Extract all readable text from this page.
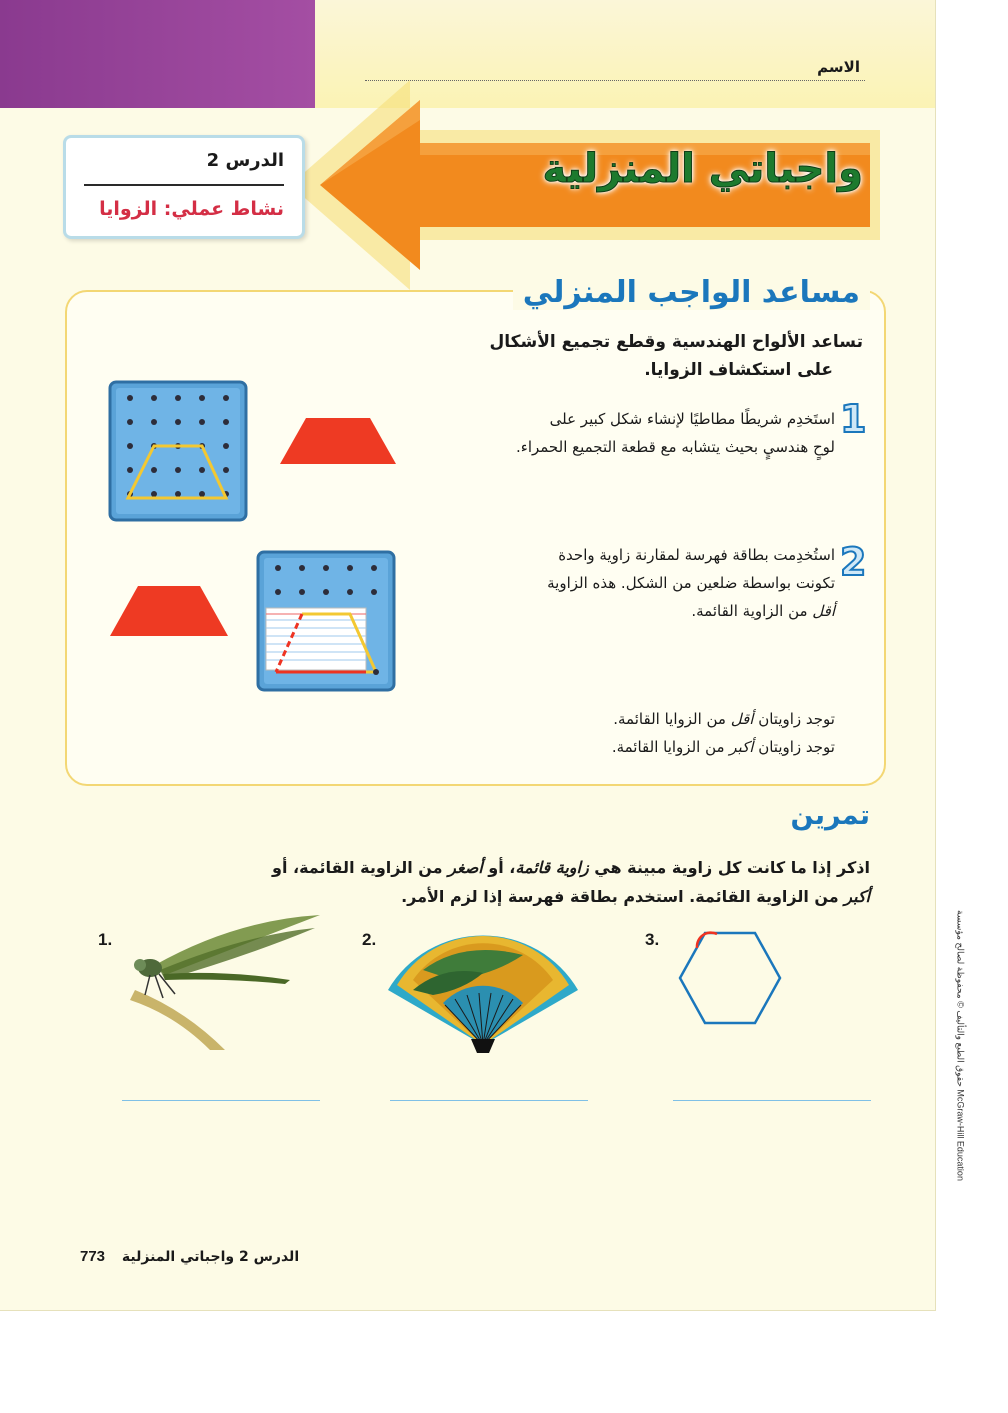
الاسم
واجباتي المنزلية
الدرس 2
نشاط عملي: الزوايا
مساعد الواجب المنزلي
تساعد الألواح الهندسية وقطع تجميع الأشكال
على استكشاف الزوايا.
1
استَخدِم شريطًا مطاطيًا لإنشاء شكل كبير على
لوحٍ هندسيٍ بحيث يتشابه مع قطعة التجميع الحمراء.
2
استُخدِمت بطاقة فهرسة لمقارنة زاوية واحدة
تكونت بواسطة ضلعين من الشكل. هذه الزاوية
أقل من الزاوية القائمة.
توجد زاويتان أقل من الزوايا القائمة.
توجد زاويتان أكبر من الزوايا القائمة.
تمرين
اذكر إذا ما كانت كل زاوية مبينة هي زاوية قائمة، أو أصغر من الزاوية القائمة، أو
أكبر من الزاوية القائمة. استخدم بطاقة فهرسة إذا لزم الأمر.
1.	2.	3.
773	الدرس 2 واجباتي المنزلية
حقوق الطبع والتأليف © محفوظة لصالح مؤسسة McGraw-Hill Education
